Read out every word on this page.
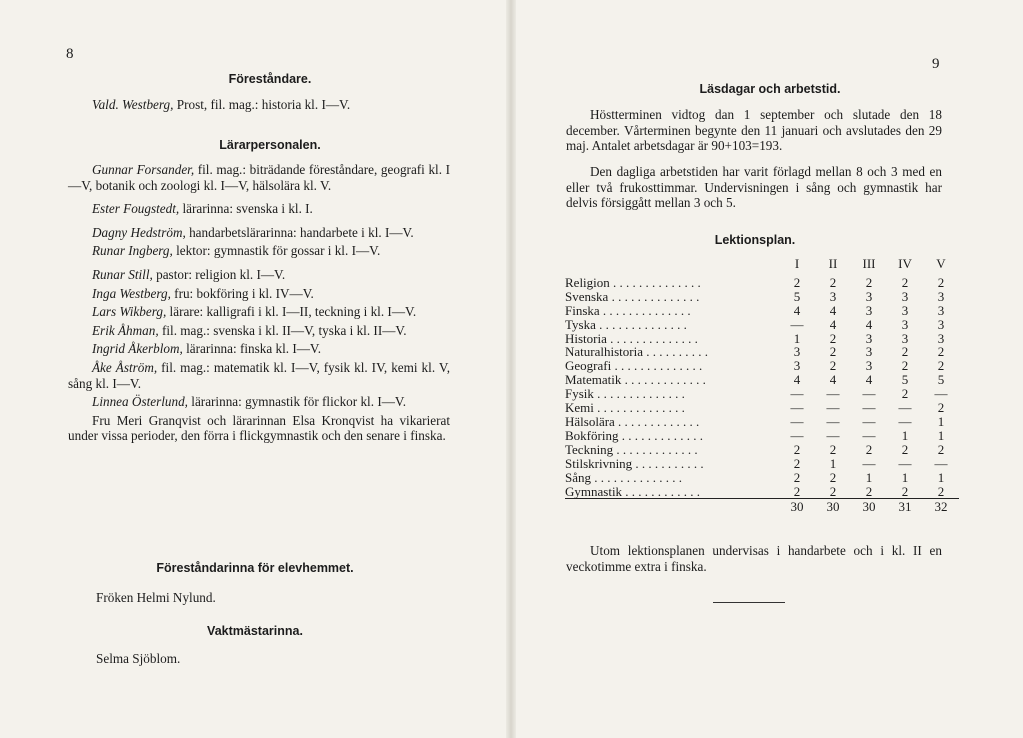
8
Föreståndare.
Vald. Westberg, Prost, fil. mag.: historia kl. I—V.
Lärarpersonalen.
Gunnar Forsander, fil. mag.: biträdande föreståndare, geografi kl. I—V, botanik och zoologi kl. I—V, hälsolära kl. V.
Ester Fougstedt, lärarinna: svenska i kl. I.
Dagny Hedström, handarbetslärarinna: handarbete i kl. I—V.
Runar Ingberg, lektor: gymnastik för gossar i kl. I—V.
Runar Still, pastor: religion kl. I—V.
Inga Westberg, fru: bokföring i kl. IV—V.
Lars Wikberg, lärare: kalligrafi i kl. I—II, teckning i kl. I—V.
Erik Åhman, fil. mag.: svenska i kl. II—V, tyska i kl. II—V.
Ingrid Åkerblom, lärarinna: finska kl. I—V.
Åke Åström, fil. mag.: matematik kl. I—V, fysik kl. IV, kemi kl. V, sång kl. I—V.
Linnea Österlund, lärarinna: gymnastik för flickor kl. I—V.
Fru Meri Granqvist och lärarinnan Elsa Kronqvist ha vikarierat under vissa perioder, den förra i flickgymnastik och den senare i finska.
Föreståndarinna för elevhemmet.
Fröken Helmi Nylund.
Vaktmästarinna.
Selma Sjöblom.
9
Läsdagar och arbetstid.
Höstterminen vidtog dan 1 september och slutade den 18 december. Vårterminen begynte den 11 januari och avslutades den 29 maj. Antalet arbetsdagar är 90+103=193.
Den dagliga arbetstiden har varit förlagd mellan 8 och 3 med en eller två frukosttimmar. Undervisningen i sång och gymnastik har delvis försiggått mellan 3 och 5.
Lektionsplan.
	I	II	III	IV	V
Religion . . . . . . . . . . . . . .	2	2	2	2	2
Svenska . . . . . . . . . . . . . .	5	3	3	3	3
Finska . . . . . . . . . . . . . .	4	4	3	3	3
Tyska . . . . . . . . . . . . . .	—	4	4	3	3
Historia . . . . . . . . . . . . . .	1	2	3	3	3
Naturalhistoria . . . . . . . . . .	3	2	3	2	2
Geografi . . . . . . . . . . . . . .	3	2	3	2	2
Matematik . . . . . . . . . . . . .	4	4	4	5	5
Fysik . . . . . . . . . . . . . .	—	—	—	2	—
Kemi . . . . . . . . . . . . . .	—	—	—	—	2
Hälsolära . . . . . . . . . . . . .	—	—	—	—	1
Bokföring . . . . . . . . . . . . .	—	—	—	1	1
Teckning . . . . . . . . . . . . .	2	2	2	2	2
Stilskrivning . . . . . . . . . . .	2	1	—	—	—
Sång . . . . . . . . . . . . . .	2	2	1	1	1
Gymnastik . . . . . . . . . . . .	2	2	2	2	2
	30	30	30	31	32
Utom lektionsplanen undervisas i handarbete och i kl. II en veckotimme extra i finska.
